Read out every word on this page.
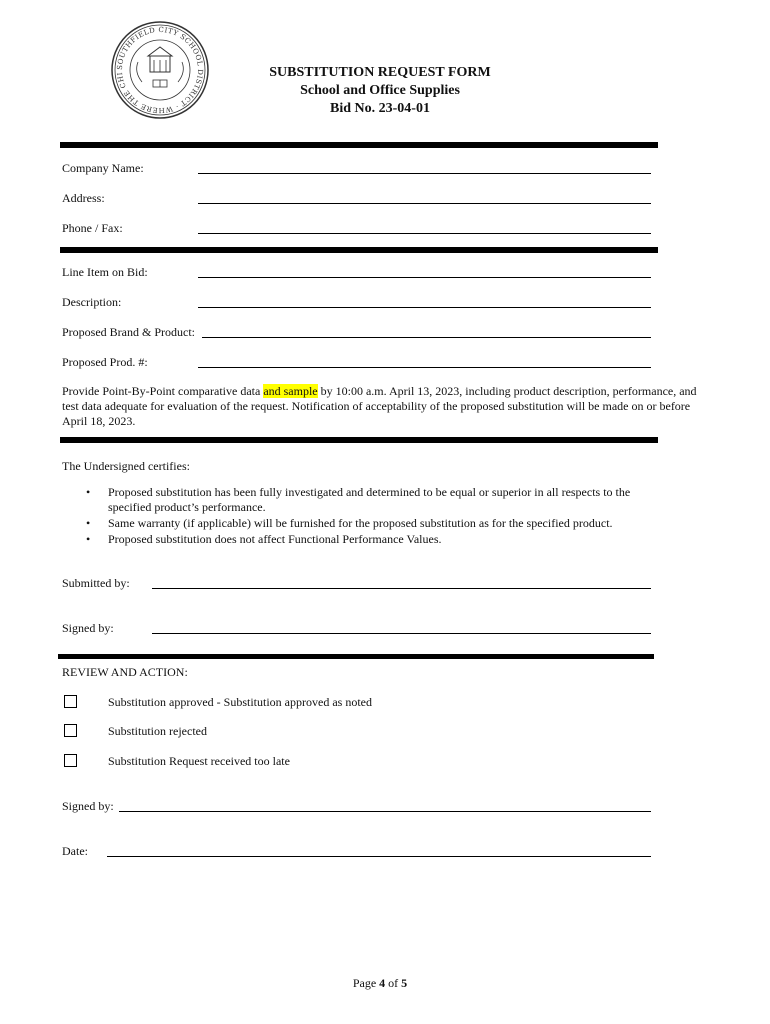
SOUTHFIELD CITY SCHOOL DISTRICT · WHERE THE CHI	SUBSTITUTION REQUEST FORM
School and Office Supplies
Bid No. 23-04-01
Company Name:
Address:
Phone / Fax:
Line Item on Bid:
Description:
Proposed Brand & Product:
Proposed Prod. #:
Provide Point-By-Point comparative data and sample by 10:00 a.m. April 13, 2023, including product description, performance, and test data adequate for evaluation of the request. Notification of acceptability of the proposed substitution will be made on or before April 18, 2023.
The Undersigned certifies:
• Proposed substitution has been fully investigated and determined to be equal or superior in all respects to the specified product’s performance.
• Same warranty (if applicable) will be furnished for the proposed substitution as for the specified product.
• Proposed substitution does not affect Functional Performance Values.
Submitted by:
Signed by:
REVIEW AND ACTION:
Substitution approved - Substitution approved as noted
Substitution rejected
Substitution Request received too late
Signed by:
Date:
Page 4 of 5
